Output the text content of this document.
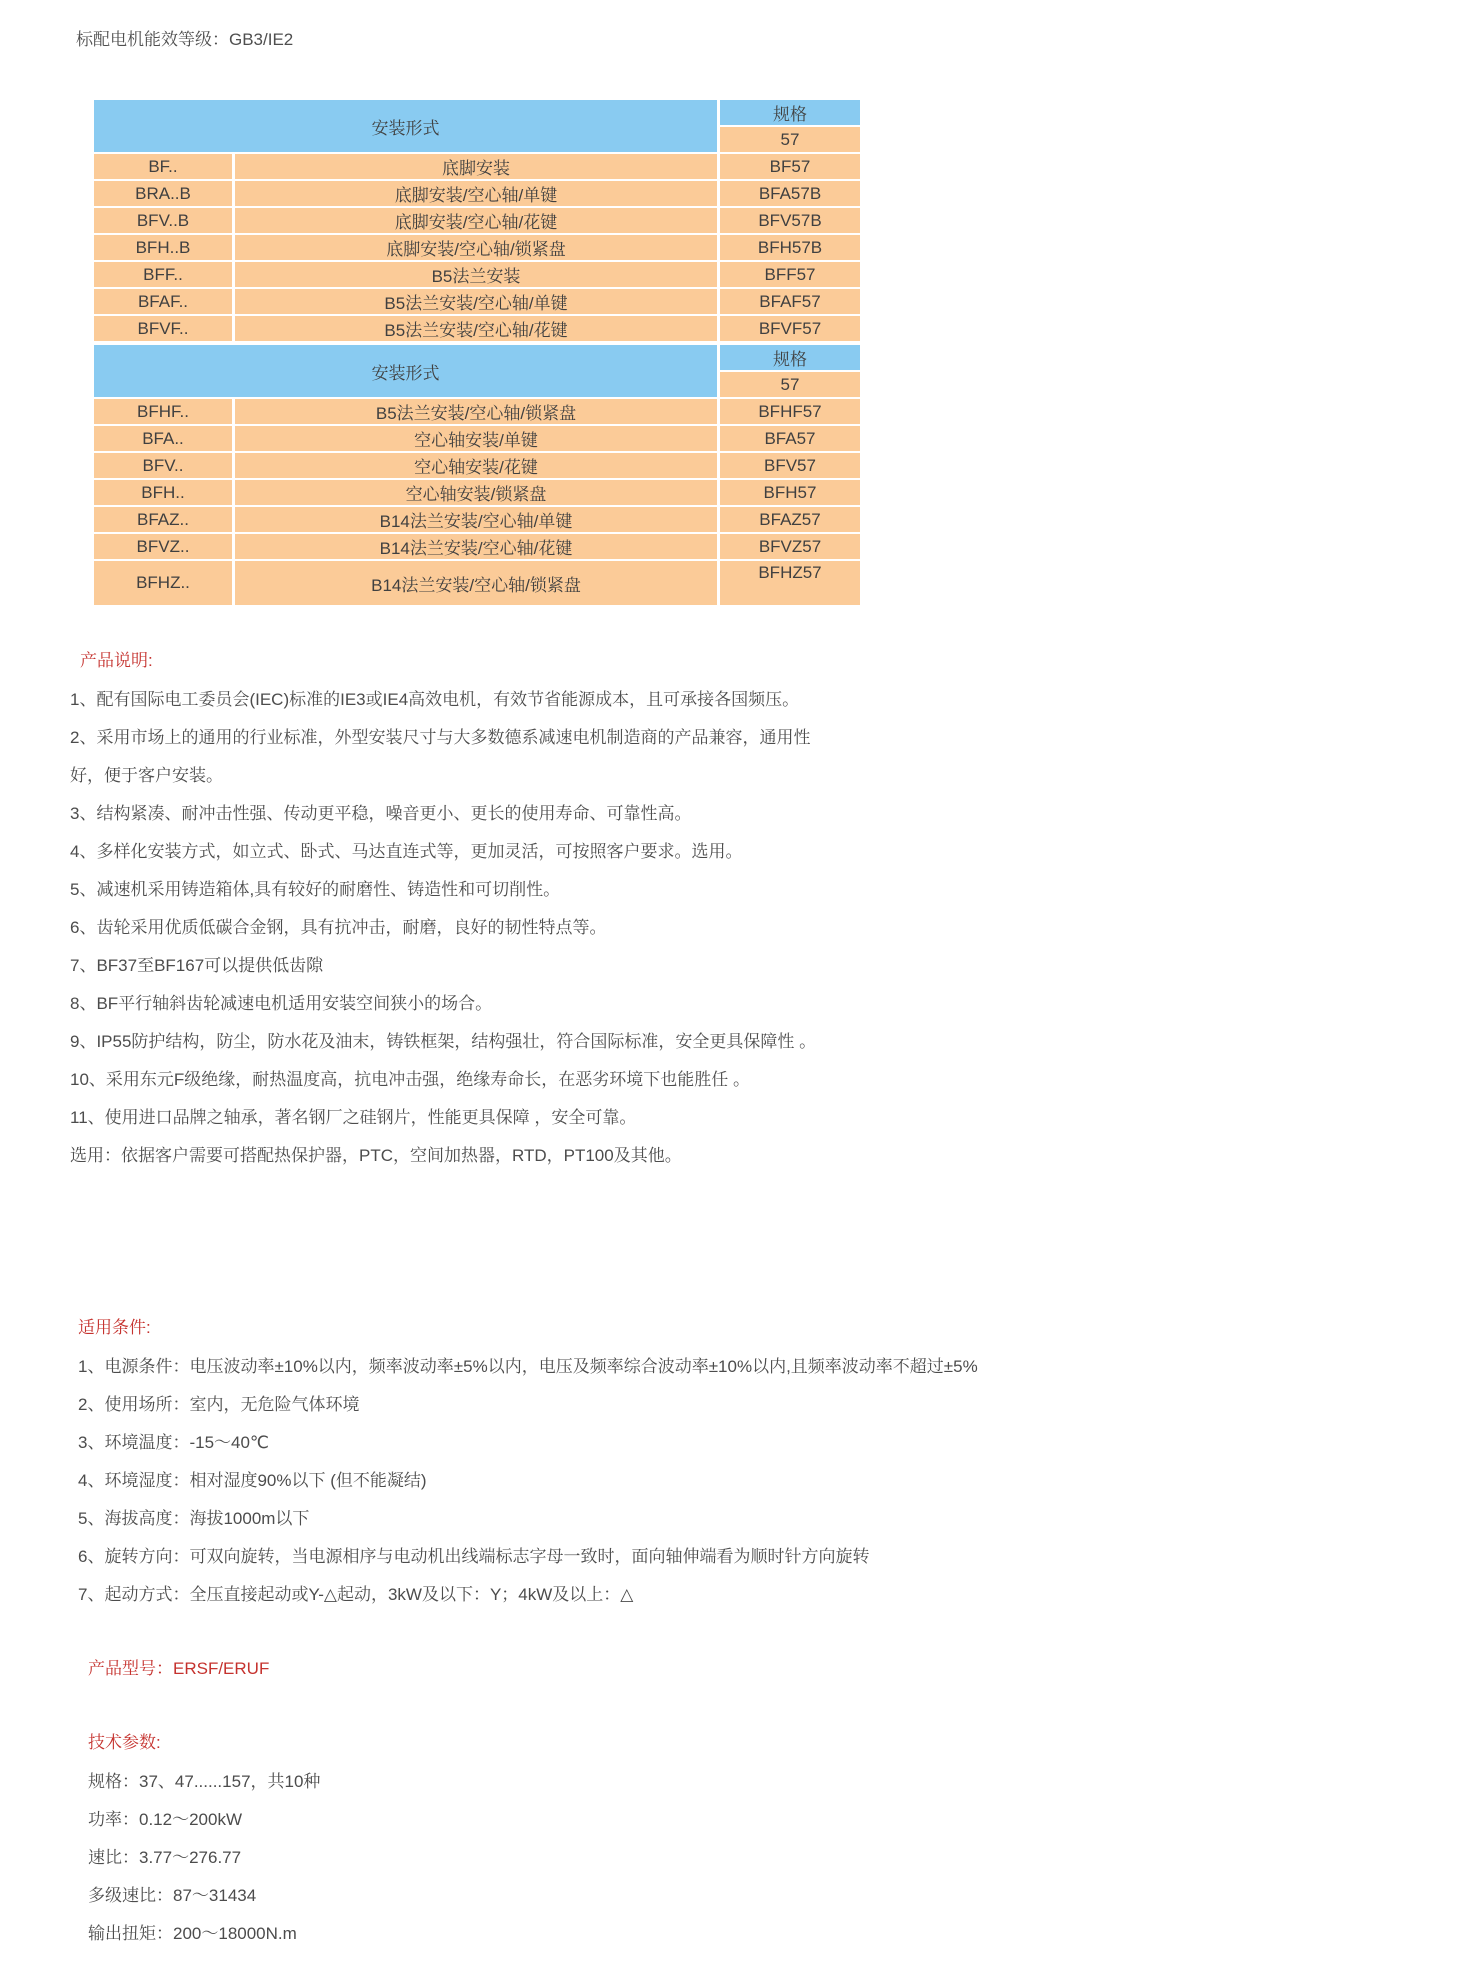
标配电机能效等级：GB3/IE2
安装形式		规格
		57
BF..	底脚安装	BF57
BRA..B	底脚安装/空心轴/单键	BFA57B
BFV..B	底脚安装/空心轴/花键	BFV57B
BFH..B	底脚安装/空心轴/锁紧盘	BFH57B
BFF..	B5法兰安装	BFF57
BFAF..	B5法兰安装/空心轴/单键	BFAF57
BFVF..	B5法兰安装/空心轴/花键	BFVF57
安装形式		规格
		57
BFHF..	B5法兰安装/空心轴/锁紧盘	BFHF57
BFA..	空心轴安装/单键	BFA57
BFV..	空心轴安装/花键	BFV57
BFH..	空心轴安装/锁紧盘	BFH57
BFAZ..	B14法兰安装/空心轴/单键	BFAZ57
BFVZ..	B14法兰安装/空心轴/花键	BFVZ57
BFHZ..	B14法兰安装/空心轴/锁紧盘	BFHZ57
产品说明:
1、配有国际电工委员会(IEC)标准的IE3或IE4高效电机，有效节省能源成本，且可承接各国频压。
2、采用市场上的通用的行业标准，外型安装尺寸与大多数德系减速电机制造商的产品兼容，通用性
好，便于客户安装。
3、结构紧凑、耐冲击性强、传动更平稳，噪音更小、更长的使用寿命、可靠性高。
4、多样化安装方式，如立式、卧式、马达直连式等，更加灵活，可按照客户要求。选用。
5、减速机采用铸造箱体,具有较好的耐磨性、铸造性和可切削性。
6、齿轮采用优质低碳合金钢，具有抗冲击，耐磨，良好的韧性特点等。
7、BF37至BF167可以提供低齿隙
8、BF平行轴斜齿轮减速电机适用安装空间狭小的场合。
9、IP55防护结构，防尘，防水花及油末，铸铁框架，结构强壮，符合国际标准，安全更具保障性 。
10、采用东元F级绝缘，耐热温度高，抗电冲击强，绝缘寿命长，在恶劣环境下也能胜任 。
11、使用进口品牌之轴承，著名钢厂之硅钢片，性能更具保障 ，安全可靠。
选用：依据客户需要可搭配热保护器，PTC，空间加热器，RTD，PT100及其他。
适用条件:
1、电源条件：电压波动率±10%以内，频率波动率±5%以内，电压及频率综合波动率±10%以内,且频率波动率不超过±5%
2、使用场所：室内，无危险气体环境
3、环境温度：-15～40℃
4、环境湿度：相对湿度90%以下 (但不能凝结)
5、海拔高度：海拔1000m以下
6、旋转方向：可双向旋转，当电源相序与电动机出线端标志字母一致时，面向轴伸端看为顺时针方向旋转
7、起动方式：全压直接起动或Y-△起动，3kW及以下：Y；4kW及以上：△
产品型号：ERSF/ERUF
技术参数:
规格：37、47......157，共10种
功率：0.12～200kW
速比：3.77～276.77
多级速比：87～31434
输出扭矩：200～18000N.m
